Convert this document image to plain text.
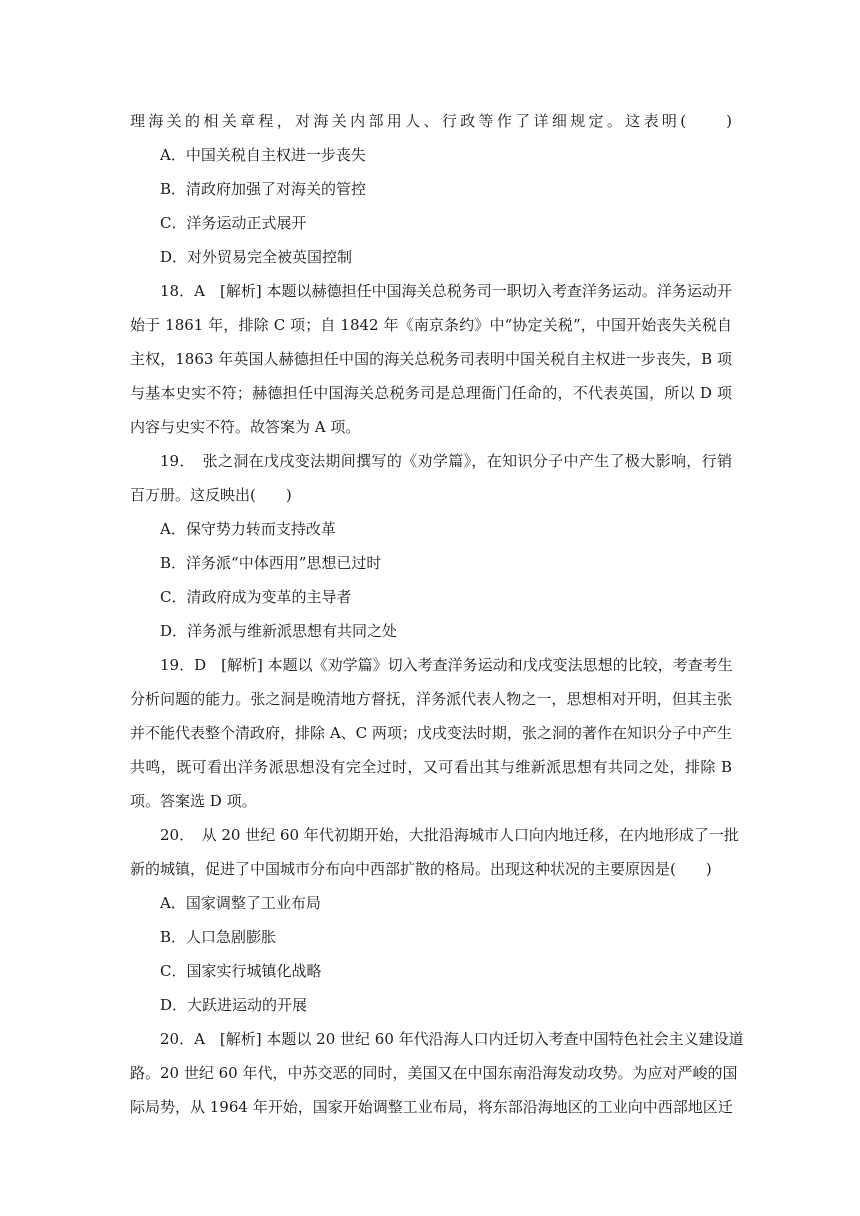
理海关的相关章程，对海关内部用人、行政等作了详细规定。这表明(　　)
A．中国关税自主权进一步丧失
B．清政府加强了对海关的管控
C．洋务运动正式展开
D．对外贸易完全被英国控制
18．A　[解析] 本题以赫德担任中国海关总税务司一职切入考查洋务运动。洋务运动开
始于 1861 年，排除 C 项；自 1842 年《南京条约》中“协定关税”，中国开始丧失关税自
主权，1863 年英国人赫德担任中国的海关总税务司表明中国关税自主权进一步丧失，B 项
与基本史实不符；赫德担任中国海关总税务司是总理衙门任命的，不代表英国，所以 D 项
内容与史实不符。故答案为 A 项。
19．　张之洞在戊戌变法期间撰写的《劝学篇》，在知识分子中产生了极大影响，行销
百万册。这反映出(　　)
A．保守势力转而支持改革
B．洋务派“中体西用”思想已过时
C．清政府成为变革的主导者
D．洋务派与维新派思想有共同之处
19．D　[解析] 本题以《劝学篇》切入考查洋务运动和戊戌变法思想的比较，考查考生
分析问题的能力。张之洞是晚清地方督抚，洋务派代表人物之一，思想相对开明，但其主张
并不能代表整个清政府，排除 A、C 两项；戊戌变法时期，张之洞的著作在知识分子中产生
共鸣，既可看出洋务派思想没有完全过时，又可看出其与维新派思想有共同之处，排除 B
项。答案选 D 项。
20．　从 20 世纪 60 年代初期开始，大批沿海城市人口向内地迁移，在内地形成了一批
新的城镇，促进了中国城市分布向中西部扩散的格局。出现这种状况的主要原因是(　　)
A．国家调整了工业布局
B．人口急剧膨胀
C．国家实行城镇化战略
D．大跃进运动的开展
20．A　[解析] 本题以 20 世纪 60 年代沿海人口内迁切入考查中国特色社会主义建设道
路。20 世纪 60 年代，中苏交恶的同时，美国又在中国东南沿海发动攻势。为应对严峻的国
际局势，从 1964 年开始，国家开始调整工业布局，将东部沿海地区的工业向中西部地区迁
